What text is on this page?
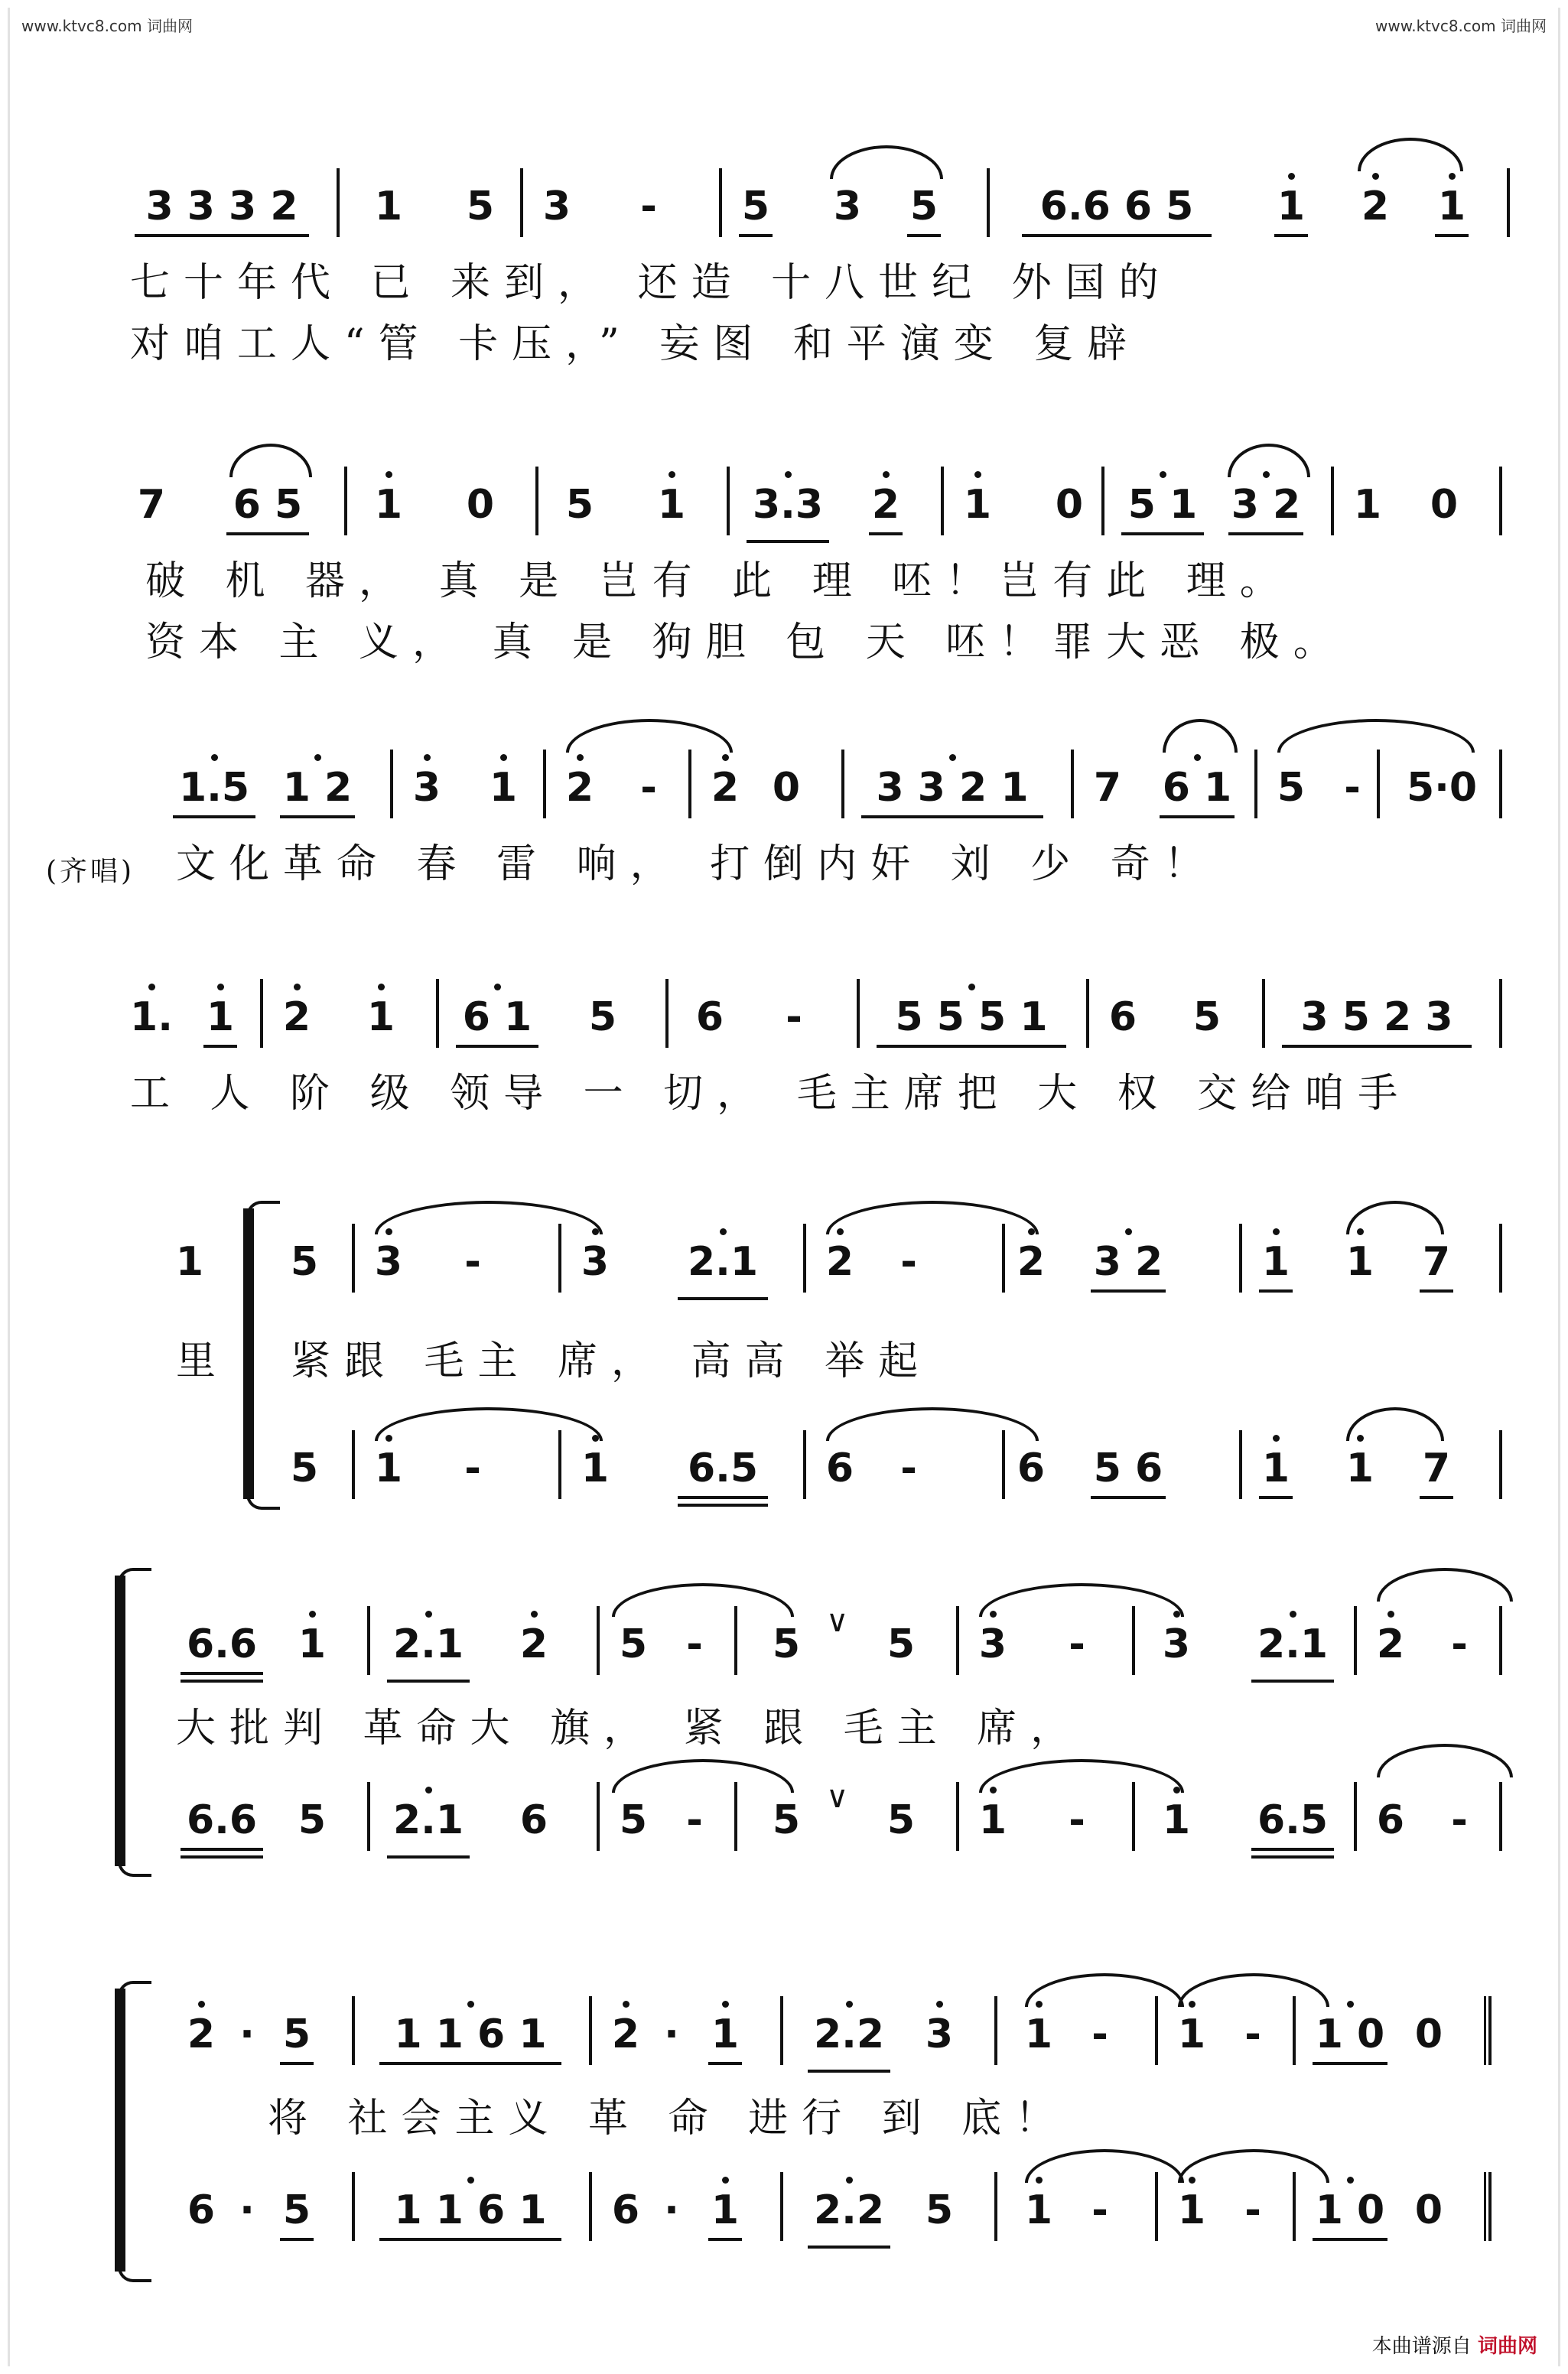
www.ktvc8.com 词曲网	www.ktvc8.com 词曲网
3 3 3 2	1 5 3	-	5 3 5	6.6 6 5	1 2 1
七十年代 已 来到， 还造 十八世纪 外国的
对咱工人“管 卡压，” 妄图 和平演变 复辟
7 6 5 1 0 5 1 3.3 2 1 0 5 1 3 2 1 0
破 机 器， 真 是 岂有 此 理 呸！岂有此 理。
资本 主 义， 真 是 狗胆 包 天 呸！罪大恶 极。
1.5 1 2 3 1 2	-	2 0	3 3 2 1	7 6 1 5 -	5·0
(齐唱) 文化革命 春 雷 响， 打倒内奸 刘 少 奇！
1. 1 2 1 6 1 5 6	-	5 5 5 1	6 5	3 5 2 3
工 人 阶 级 领导 一 切， 毛主席把 大 权 交给咱手
1 5 3	-	3	2.1	2	-	2 3 2 1 1 7
里 紧跟 毛主 席， 高高 举起
5 1	-	1	6.5	6	-	6 5 6 1 1 7
6.6 1 2.1 2 5 -	5 ∨ 5 3	-	3 2.1 2	-
大批判 革命大 旗， 紧 跟 毛主 席，
6.6 5 2.1 6 5 -	5 ∨ 5 1	-	1 6.5 6	-
2 · 5	1 1 6 1	2 · 1 2.2 3 1 -	1 -	1 0 0
将 社会主义 革 命 进行 到 底！
6 · 5	1 1 6 1	6 · 1 2.2 5 1 -	1 -	1 0 0
本曲谱源自 词曲网
